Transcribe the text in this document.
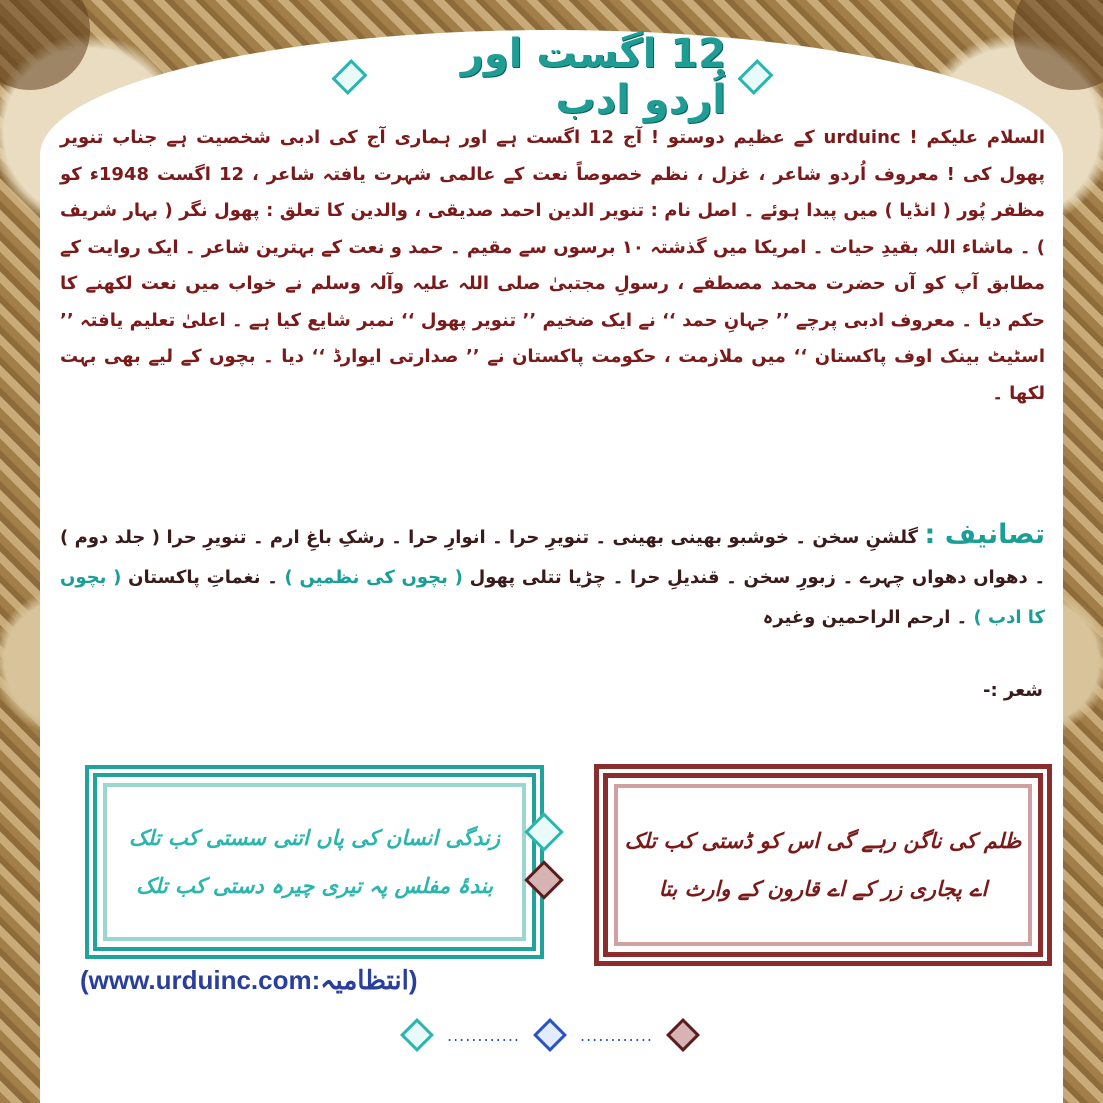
12 اگست اور اُردو ادب

السلام علیکم ! urduinc کے عظیم دوستو ! آج 12 اگست ہے اور ہماری آج کی ادبی شخصیت ہے جناب تنویر پھول کی ! معروف اُردو شاعر ، غزل ، نظم خصوصاً نعت کے عالمی شہرت یافتہ شاعر ، 12 اگست 1948ء کو مظفر پُور ( انڈیا ) میں پیدا ہوئے ۔ اصل نام : تنویر الدین احمد صدیقی ، والدین کا تعلق : پھول نگر ( بہار شریف ) ۔ ماشاء اللہ بقیدِ حیات ۔ امریکا میں گذشتہ ۱۰ برسوں سے مقیم ۔ حمد و نعت کے بہترین شاعر ۔ ایک روایت کے مطابق آپ کو آں حضرت محمد مصطفے ، رسولِ مجتبیٰ صلی اللہ علیہ وآلہ وسلم نے خواب میں نعت لکھنے کا حکم دیا ۔ معروف ادبی پرچے ’’ جہانِ حمد ‘‘ نے ایک ضخیم ’’ تنویر پھول ‘‘ نمبر شایع کیا ہے ۔ اعلیٰ تعلیم یافتہ ’’ اسٹیٹ بینک اوف پاکستان ‘‘ میں ملازمت ، حکومت پاکستان نے ’’ صدارتی ایوارڈ ‘‘ دیا ۔ بچوں کے لیے بھی بہت لکھا ۔

تصانیف : گلشنِ سخن ۔ خوشبو بھینی بھینی ۔ تنویرِ حرا ۔ انوارِ حرا ۔ رشکِ باغِ ارم ۔ تنویرِ حرا ( جلد دوم ) ۔ دھواں دھواں چہرے ۔ زبورِ سخن ۔ قندیلِ حرا ۔ چڑیا تتلی پھول ( بچوں کی نظمیں ) ۔ نغماتِ پاکستان ( بچوں کا ادب ) ۔ ارحم الراحمین وغیرہ
شعر :-
زندگی انسان کی پاں اتنی سستی کب تلک
بندۂ مفلس پہ تیری چیرہ دستی کب تلک
ظلم کی ناگن رہے گی اس کو ڈستی کب تلک
اے پجاری زر کے اے قارون کے وارث بتا
(www.urduinc.com:انتظامیہ)
............	............
